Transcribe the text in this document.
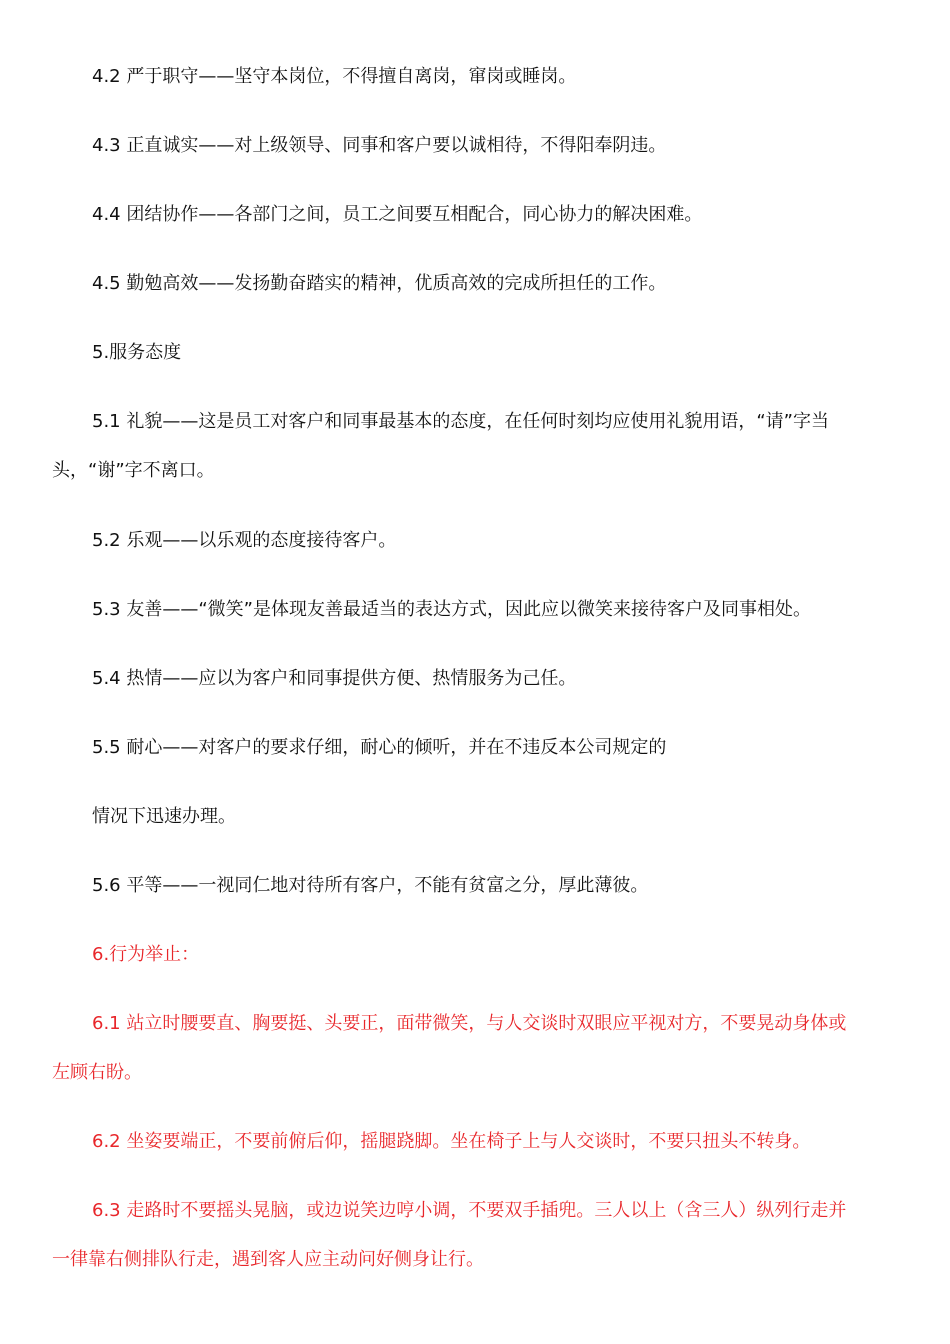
4.2 严于职守——坚守本岗位，不得擅自离岗，窜岗或睡岗。

4.3 正直诚实——对上级领导、同事和客户要以诚相待，不得阳奉阴违。

4.4 团结协作——各部门之间，员工之间要互相配合，同心协力的解决困难。

4.5 勤勉高效——发扬勤奋踏实的精神，优质高效的完成所担任的工作。

5.服务态度

5.1 礼貌——这是员工对客户和同事最基本的态度，在任何时刻均应使用礼貌用语，“请”字当
头，“谢”字不离口。

5.2 乐观——以乐观的态度接待客户。

5.3 友善——“微笑”是体现友善最适当的表达方式，因此应以微笑来接待客户及同事相处。

5.4 热情——应以为客户和同事提供方便、热情服务为己任。

5.5 耐心——对客户的要求仔细，耐心的倾听，并在不违反本公司规定的

情况下迅速办理。

5.6 平等——一视同仁地对待所有客户，不能有贫富之分，厚此薄彼。

6.行为举止：

6.1 站立时腰要直、胸要挺、头要正，面带微笑，与人交谈时双眼应平视对方，不要晃动身体或
左顾右盼。

6.2 坐姿要端正，不要前俯后仰，摇腿跷脚。坐在椅子上与人交谈时，不要只扭头不转身。

6.3 走路时不要摇头晃脑，或边说笑边哼小调，不要双手插兜。三人以上（含三人）纵列行走并
一律靠右侧排队行走，遇到客人应主动问好侧身让行。
